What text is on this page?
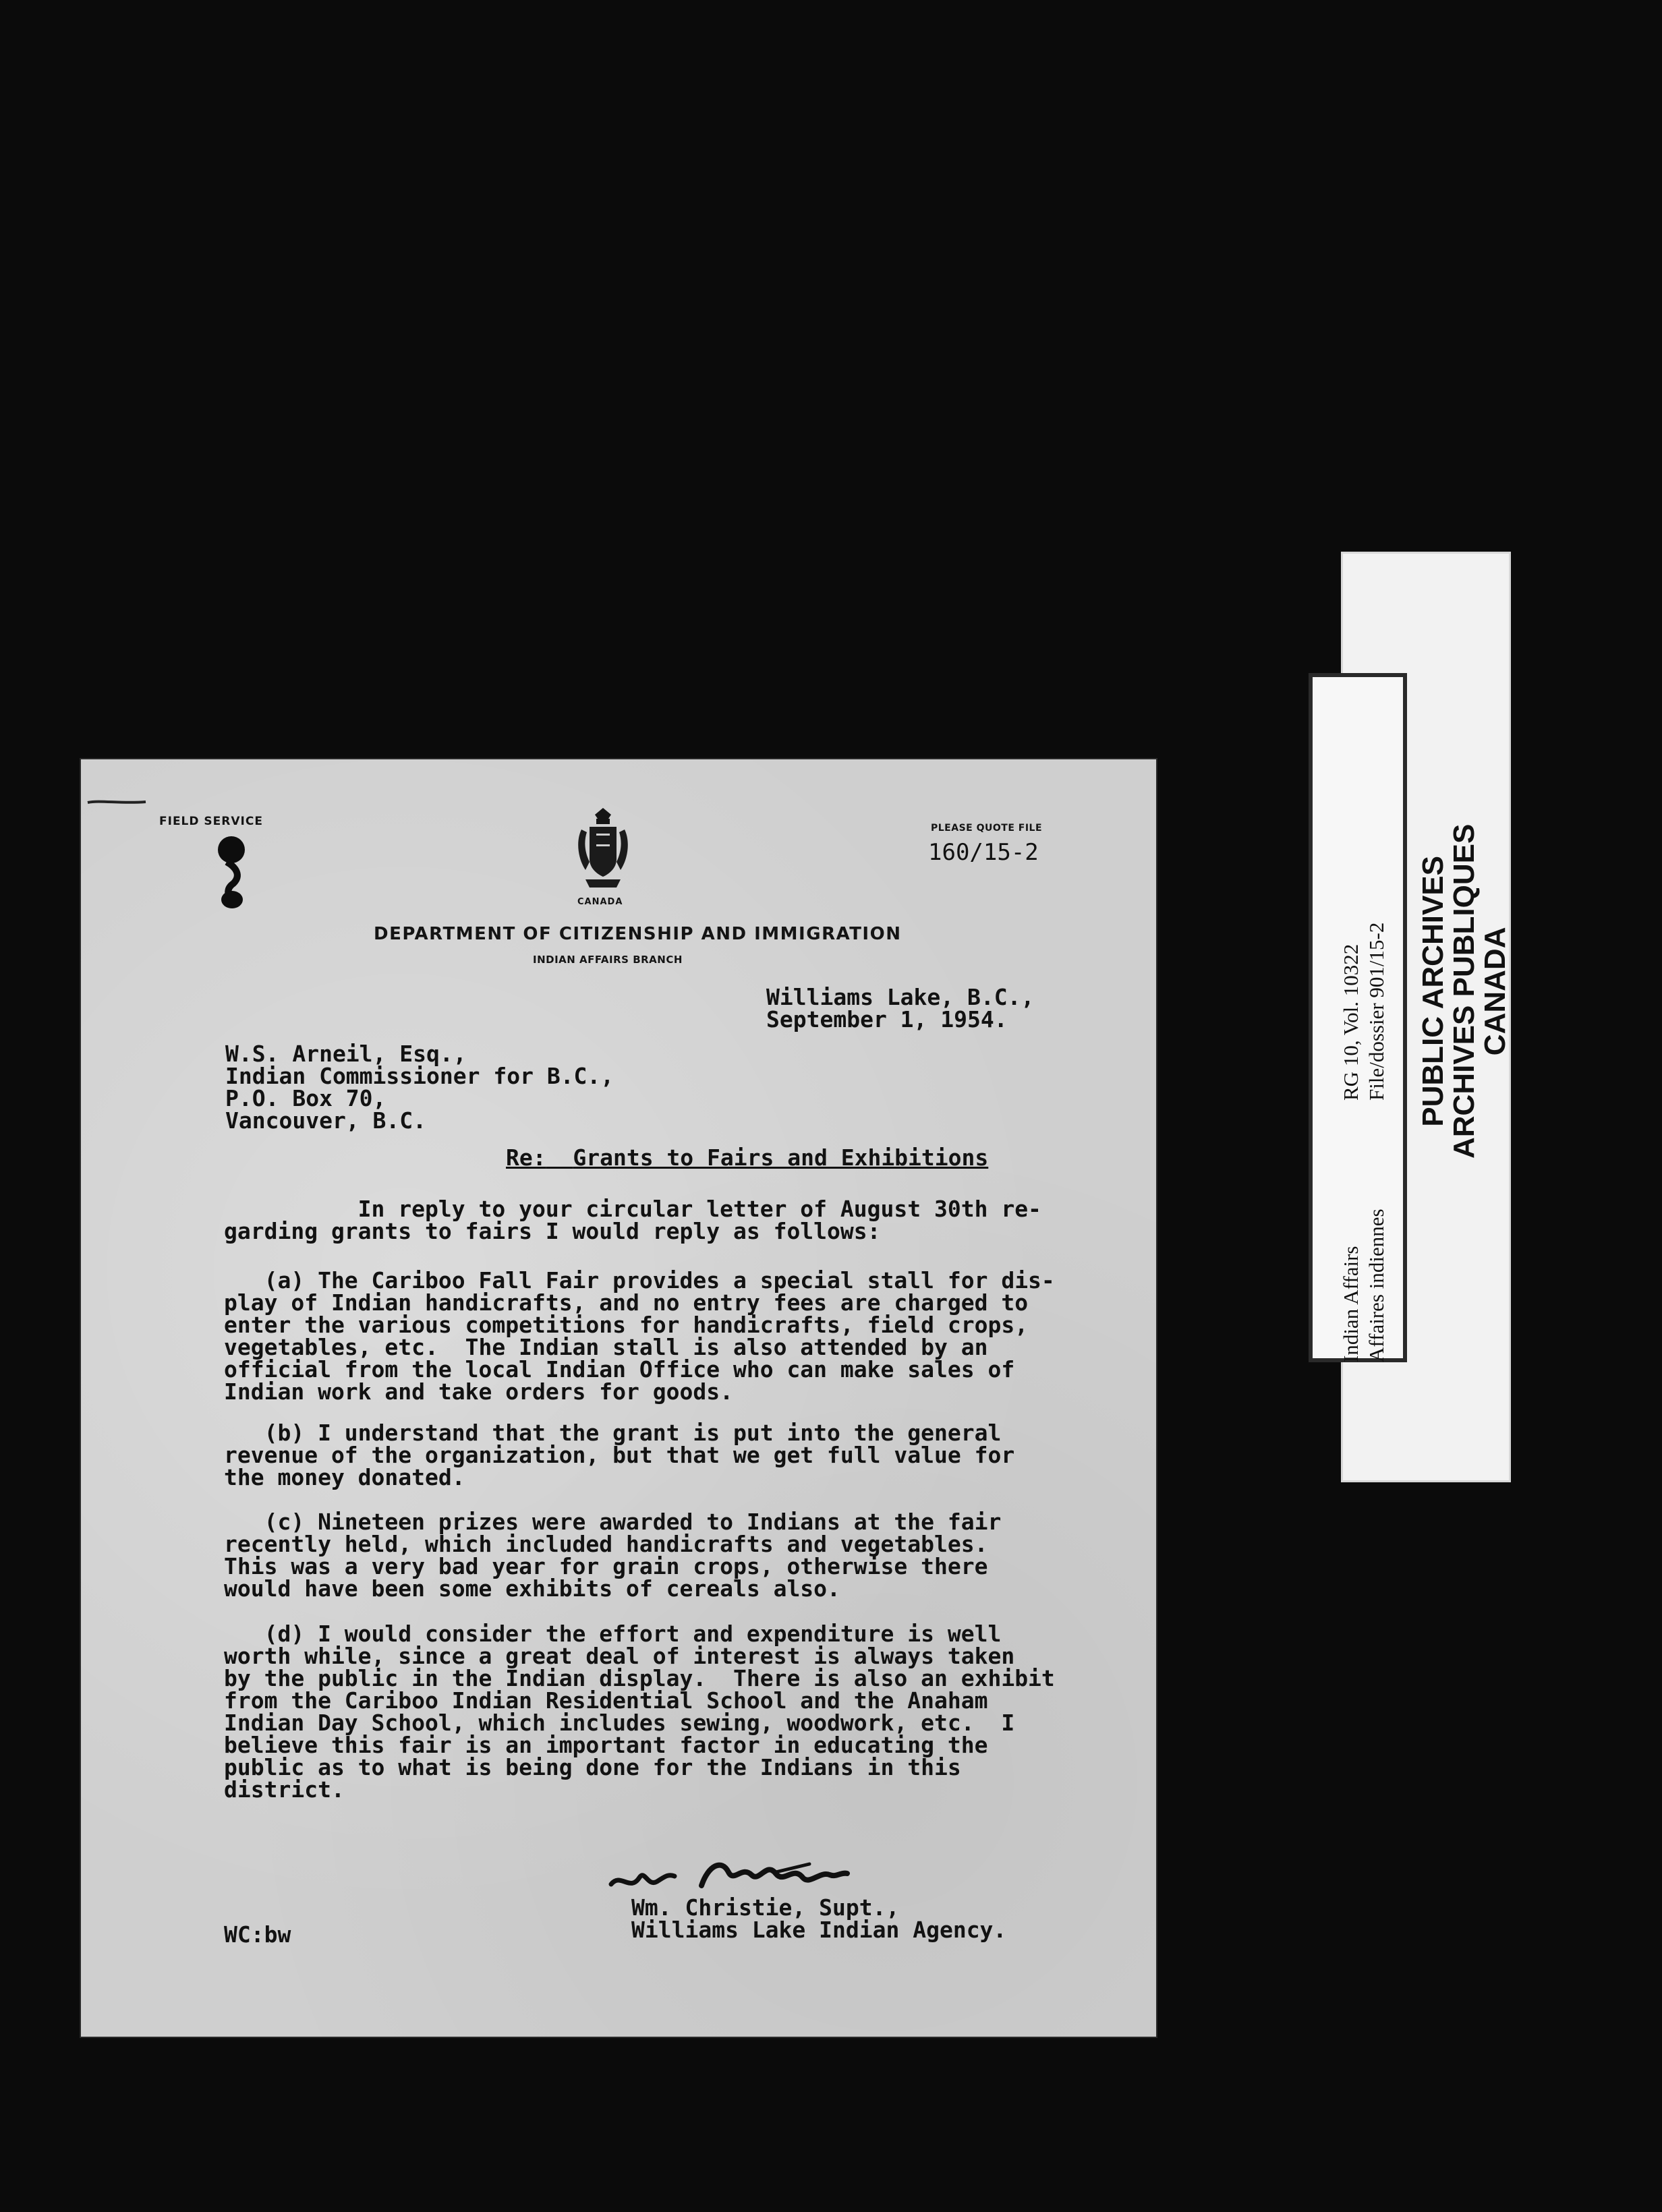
FIELD SERVICE
CANADA
PLEASE QUOTE FILE
160/15-2
DEPARTMENT OF CITIZENSHIP AND IMMIGRATION
INDIAN AFFAIRS BRANCH
Williams Lake, B.C.,
September 1, 1954.
W.S. Arneil, Esq.,
Indian Commissioner for B.C.,
P.O. Box 70,
Vancouver, B.C.
Re: Grants to Fairs and Exhibitions
In reply to your circular letter of August 30th re-
garding grants to fairs I would reply as follows:
(a) The Cariboo Fall Fair provides a special stall for dis-
play of Indian handicrafts, and no entry fees are charged to
enter the various competitions for handicrafts, field crops,
vegetables, etc.  The Indian stall is also attended by an
official from the local Indian Office who can make sales of
Indian work and take orders for goods.
(b) I understand that the grant is put into the general
revenue of the organization, but that we get full value for
the money donated.
(c) Nineteen prizes were awarded to Indians at the fair
recently held, which included handicrafts and vegetables.
This was a very bad year for grain crops, otherwise there
would have been some exhibits of cereals also.
(d) I would consider the effort and expenditure is well
worth while, since a great deal of interest is always taken
by the public in the Indian display.  There is also an exhibit
from the Cariboo Indian Residential School and the Anaham
Indian Day School, which includes sewing, woodwork, etc.  I
believe this fair is an important factor in educating the
public as to what is being done for the Indians in this
district.
Wm. Christie, Supt.,
Williams Lake Indian Agency.
WC:bw
RG 10, Vol. 10322 File/dossier 901/15-2
Indian Affairs Affaires indiennes
PUBLIC ARCHIVES
ARCHIVES PUBLIQUES
CANADA
